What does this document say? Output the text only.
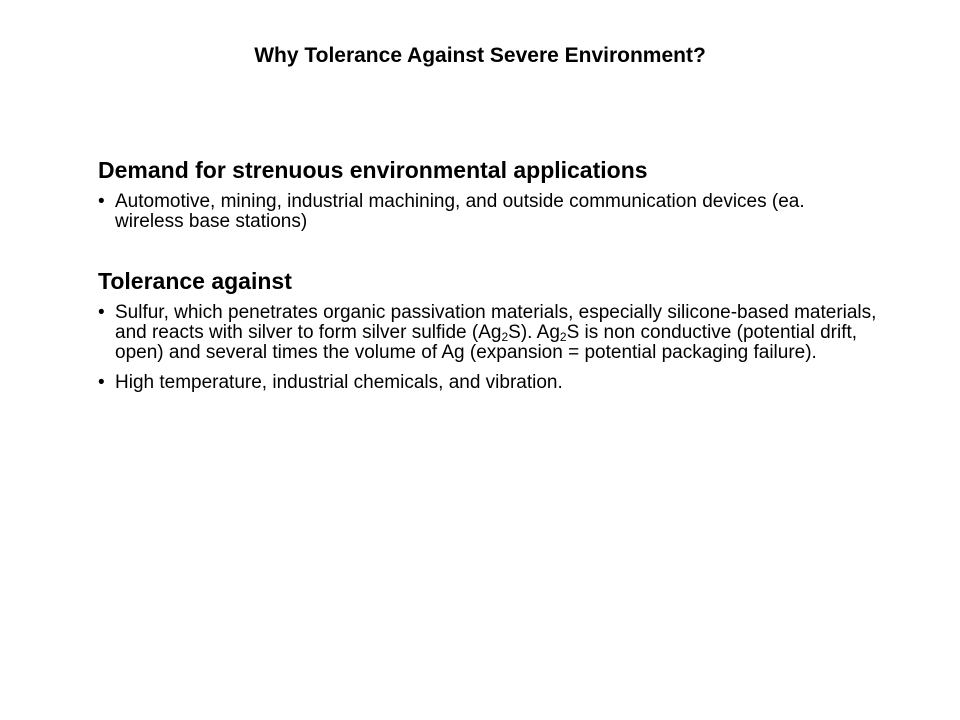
Why Tolerance Against Severe Environment?
Demand for strenuous environmental applications
• Automotive, mining, industrial machining, and outside communication devices (ea. wireless base stations)
Tolerance against
• Sulfur, which penetrates organic passivation materials, especially silicone-based materials, and reacts with silver to form silver sulfide $(Ag_2S)$. $Ag_2S$ is non conductive (potential drift, open) and several times the volume of Ag (expansion = potential packaging failure).
• High temperature, industrial chemicals, and vibration.
